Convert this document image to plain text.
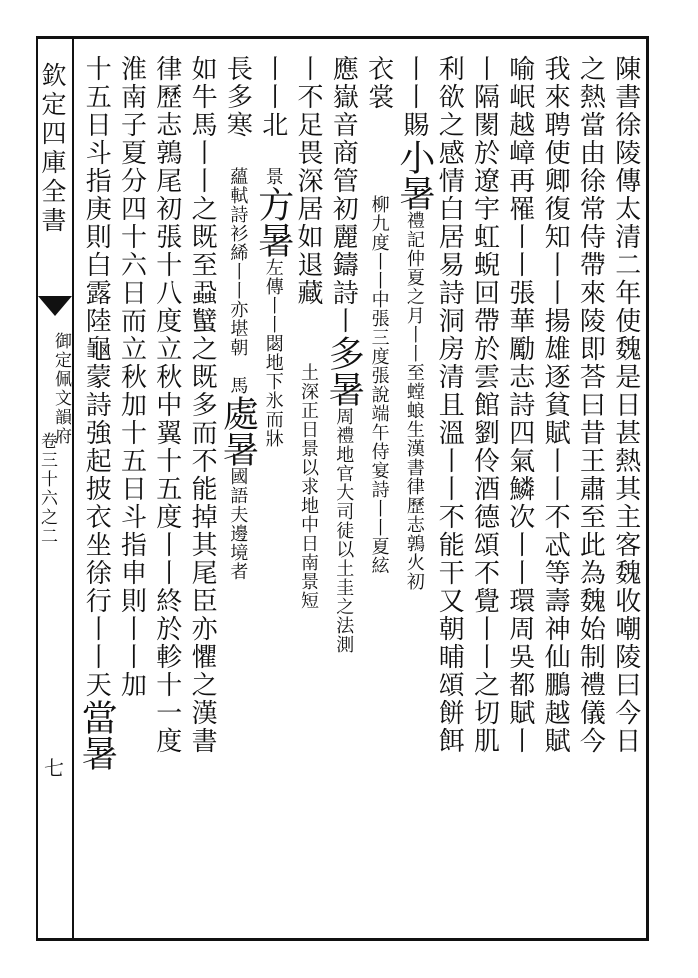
欽定四庫全書
御定佩文韻府
卷三十六之二
七
陳書徐陵傳太清二年使魏是日甚熱其主客魏收嘲陵曰今日
之熱當由徐常侍帶來陵即荅曰昔王肅至此為魏始制禮儀今
我來聘使卿復知丨丨揚雄逐貧賦丨丨不忒等壽神仙鵬越賦
喻岷越嶂再罹丨丨張華勵志詩四氣鱗次丨丨環周吳都賦丨
丨隔閡於遼宇虹蜺回帶於雲館劉伶酒德頌不覺丨丨之切肌
利欲之感情白居易詩洞房清且溫丨丨不能干又朝晡頌餅餌
丨丨賜小暑禮記仲夏之月丨丨至螳蜋生漢書律歷志鶉火初
衣裳　　　柳九度丨丨中張三度張說端午侍宴詩丨丨夏絃
應嶽音商管初麗鑄詩丨多暑周禮地官大司徒以土圭之法測
丨不足畏深居如退藏　　土深正日景以求地中日南景短
丨丨北　景方暑左傳丨丨閟地下氷而牀
長多寒　蘊軾詩衫絺丨丨亦堪朝　馬處暑國語夫邊境者
如牛馬丨丨之既至蝨蠥之既多而不能掉其尾臣亦懼之漢書
律歷志鶉尾初張十八度立秋中翼十五度丨丨終於軫十一度
淮南子夏分四十六日而立秋加十五日斗指申則丨丨加
十五日斗指庚則白露陸龜蒙詩強起披衣坐徐行丨丨天當暑
